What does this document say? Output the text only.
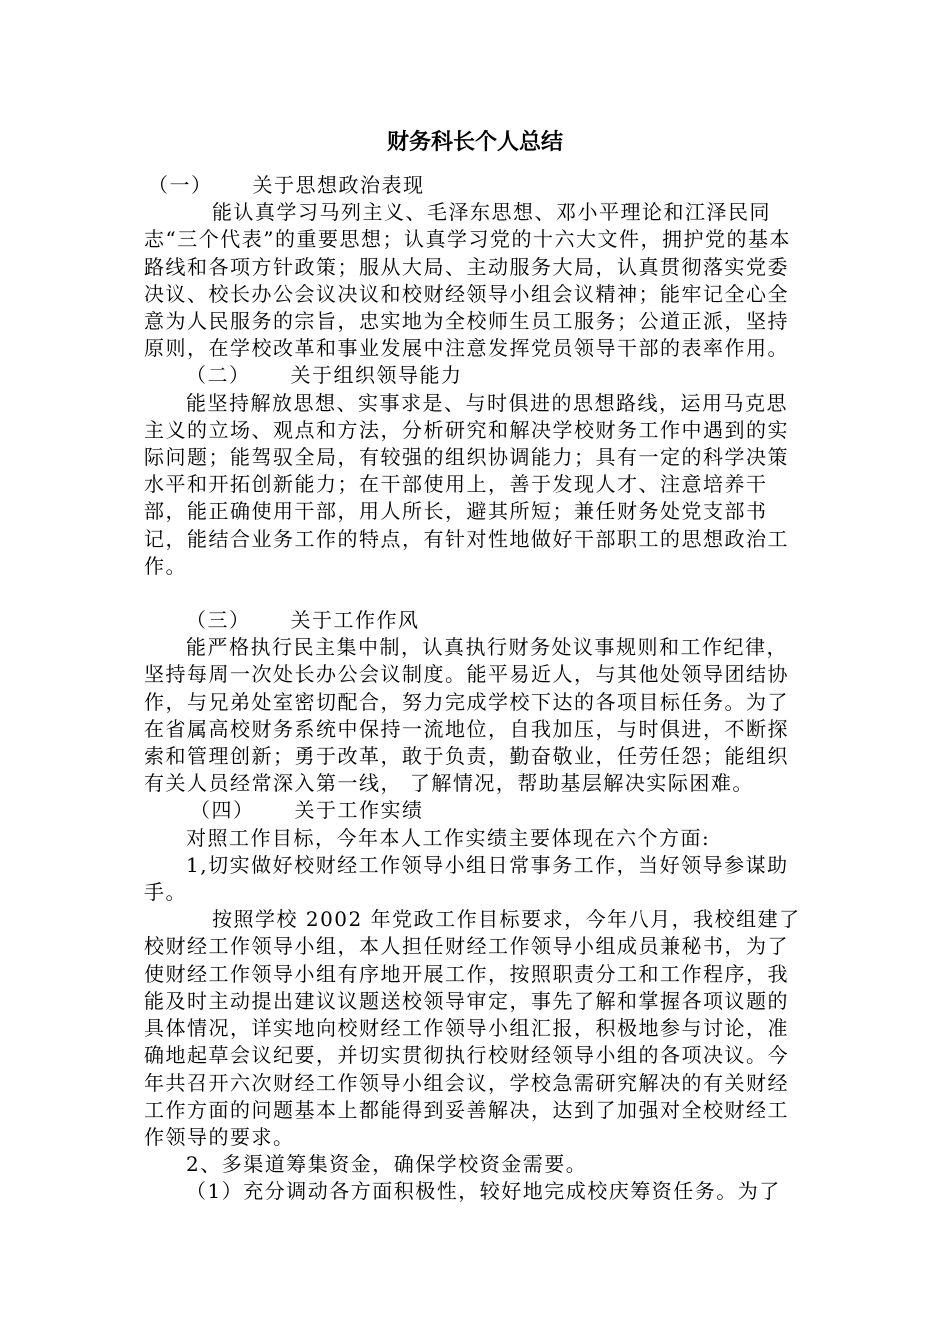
财务科长个人总结

（一） 关于思想政治表现

能认真学习马列主义、毛泽东思想、邓小平理论和江泽民同志“三个代表”的重要思想；认真学习党的十六大文件，拥护党的基本路线和各项方针政策；服从大局、主动服务大局，认真贯彻落实党委决议、校长办公会议决议和校财经领导小组会议精神；能牢记全心全意为人民服务的宗旨，忠实地为全校师生员工服务；公道正派，坚持原则，在学校改革和事业发展中注意发挥党员领导干部的表率作用。

（二） 关于组织领导能力

能坚持解放思想、实事求是、与时俱进的思想路线，运用马克思主义的立场、观点和方法，分析研究和解决学校财务工作中遇到的实际问题；能驾驭全局，有较强的组织协调能力；具有一定的科学决策水平和开拓创新能力；在干部使用上，善于发现人才、注意培养干部，能正确使用干部，用人所长，避其所短；兼任财务处党支部书记，能结合业务工作的特点，有针对性地做好干部职工的思想政治工作。

（三） 关于工作作风

能严格执行民主集中制，认真执行财务处议事规则和工作纪律，坚持每周一次处长办公会议制度。能平易近人，与其他处领导团结协作，与兄弟处室密切配合，努力完成学校下达的各项目标任务。为了在省属高校财务系统中保持一流地位，自我加压，与时俱进，不断探索和管理创新；勇于改革，敢于负责，勤奋敬业，任劳任怨；能组织有关人员经常深入第一线， 了解情况，帮助基层解决实际困难。

（四） 关于工作实绩

对照工作目标，今年本人工作实绩主要体现在六个方面:

1,切实做好校财经工作领导小组日常事务工作，当好领导参谋助手。

按照学校 2002 年党政工作目标要求，今年八月，我校组建了校财经工作领导小组，本人担任财经工作领导小组成员兼秘书，为了使财经工作领导小组有序地开展工作，按照职责分工和工作程序，我能及时主动提出建议议题送校领导审定，事先了解和掌握各项议题的具体情况，详实地向校财经工作领导小组汇报，积极地参与讨论，准确地起草会议纪要，并切实贯彻执行校财经领导小组的各项决议。今年共召开六次财经工作领导小组会议，学校急需研究解决的有关财经工作方面的问题基本上都能得到妥善解决，达到了加强对全校财经工作领导的要求。

2、多渠道筹集资金，确保学校资金需要。

（1）充分调动各方面积极性，较好地完成校庆筹资任务。为了
